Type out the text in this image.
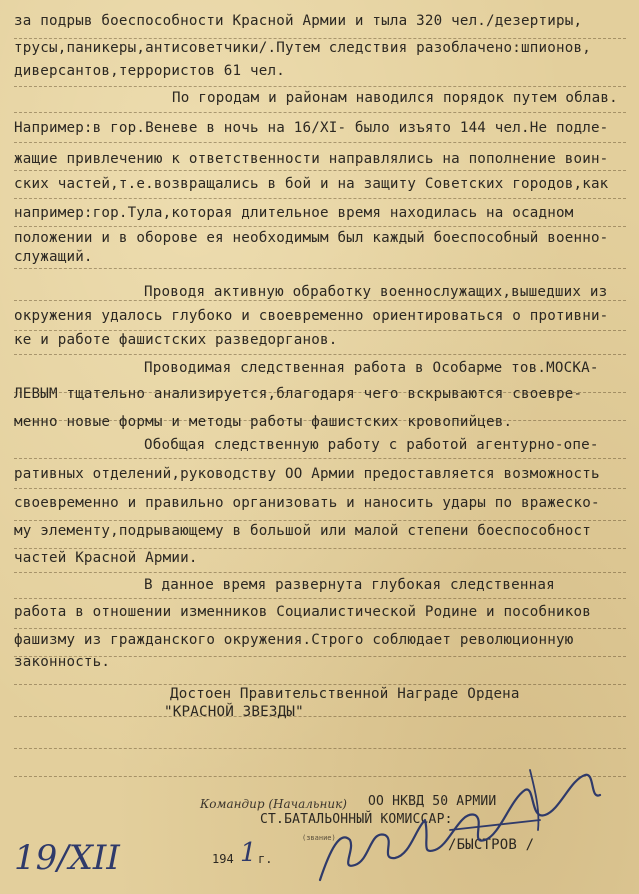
за подрыв боеспособности Красной Армии и тыла 320 чел./дезертиры,
трусы,паникеры,антисоветчики/.Путем следствия разоблачено:шпионов,
диверсантов,террористов 61 чел.
По городам и районам наводился порядок путем облав.
Например:в гор.Веневе в ночь на 16/XI- было изъято 144 чел.Не подле-
жащие привлечению к ответственности направлялись на пополнение воин-
ских частей,т.е.возвращались в бой и на защиту Советских городов,как
например:гор.Тула,которая длительное время находилась на осадном
положении и в оборове ея необходимым был каждый боеспособный военно-
служащий.
Проводя активную обработку военнослужащих,вышедших из
окружения удалось глубоко и своевременно ориентироваться о противни-
ке и работе фашистских разведорганов.
Проводимая следственная работа в Особарме тов.МОСКА-
ЛЕВЫМ тщательно анализируется,благодаря чего вскрываются своевре-
менно новые формы и методы работы фашистских кровопийцев.
Обобщая следственную работу с работой агентурно-опе-
ративных отделений,руководству ОО Армии предоставляется возможность
своевременно и правильно организовать и наносить удары по вражеско-
му элементу,подрывающему в большой или малой степени боеспособност
частей Красной Армии.
В данное время развернута глубокая следственная
работа в отношении изменников Социалистической Родине и пособников
фашизму из гражданского окружения.Строго соблюдает революционную
законность.
Достоен Правительственной Награде Ордена
"КРАСНОЙ ЗВЕЗДЫ"
Командир (Начальник) ОО НКВД 50 АРМИИ
СТ.БАТАЛЬОННЫЙ КОМИССАР:
(звание)	/БЫСТРОВ /
19/XII	194 1 г.
